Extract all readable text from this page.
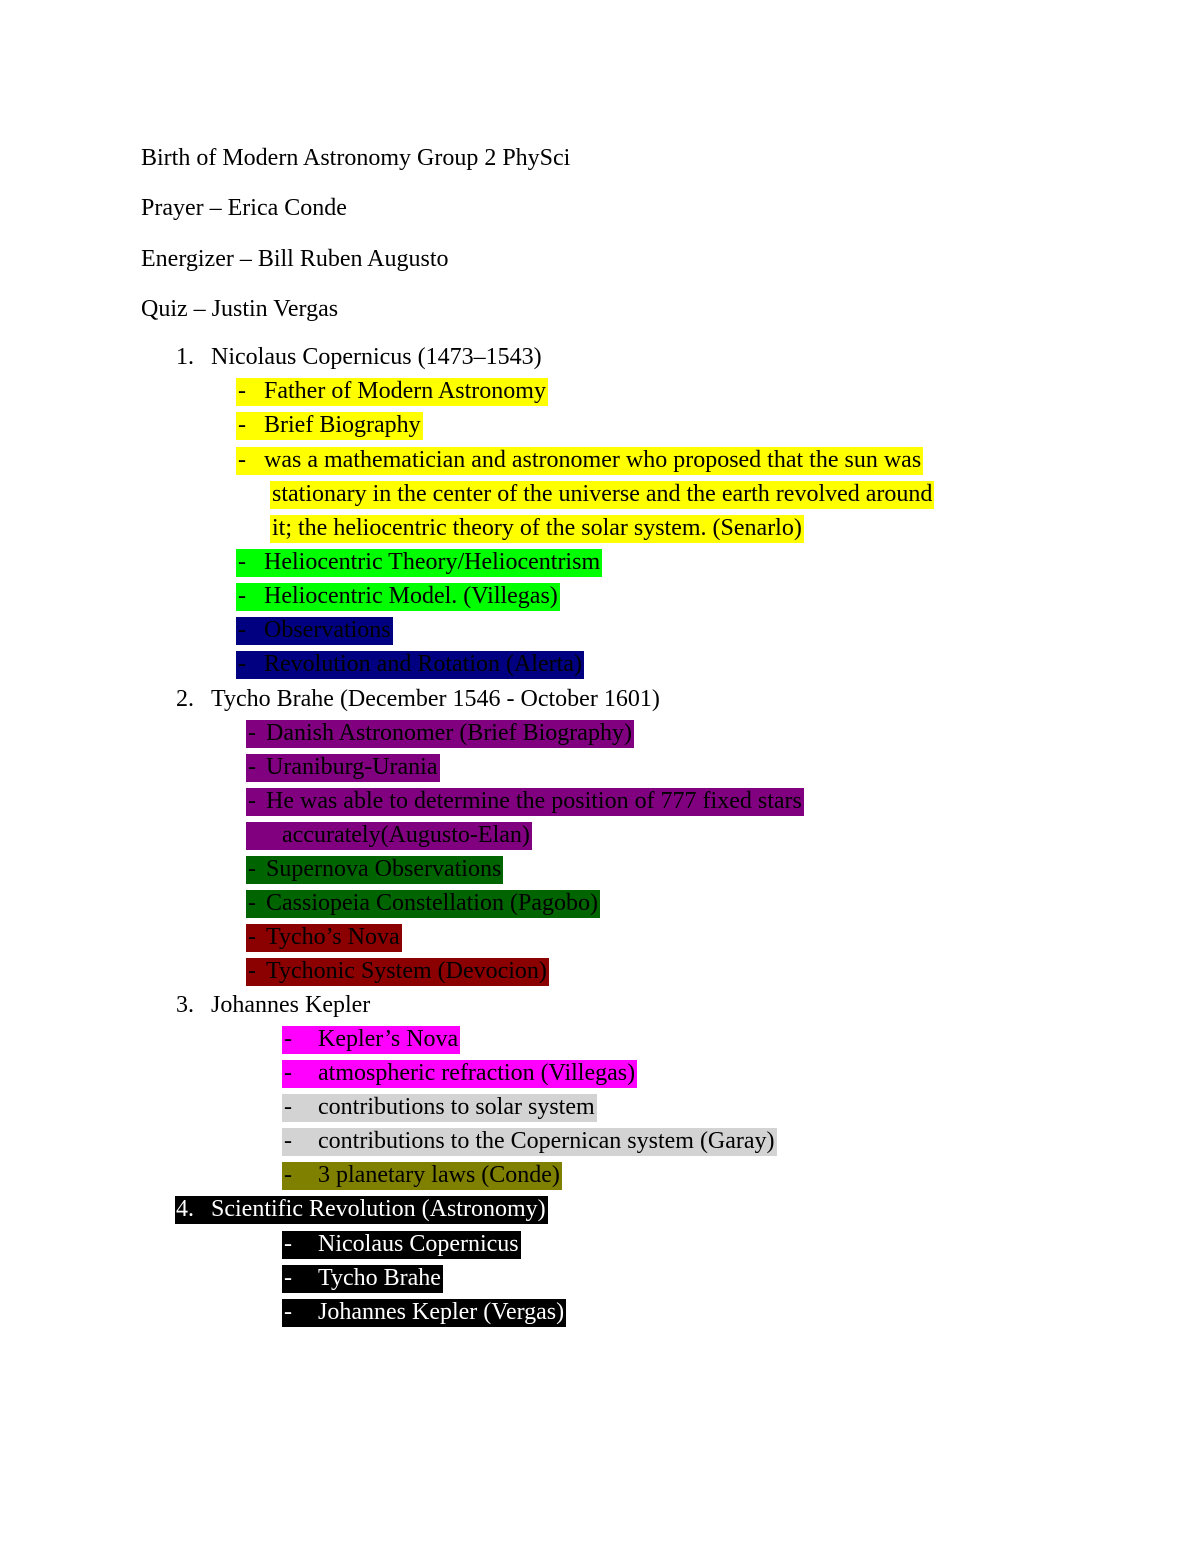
Birth of Modern Astronomy Group 2 PhySci
Prayer – Erica Conde
Energizer – Bill Ruben Augusto
Quiz – Justin Vergas
1. Nicolaus Copernicus (1473–1543)
- Father of Modern Astronomy
- Brief Biography
- was a mathematician and astronomer who proposed that the sun was
stationary in the center of the universe and the earth revolved around
it; the heliocentric theory of the solar system. (Senarlo)
- Heliocentric Theory/Heliocentrism
- Heliocentric Model. (Villegas)
- Observations
- Revolution and Rotation (Alerta)
2. Tycho Brahe (December 1546 - October 1601)
- Danish Astronomer (Brief Biography)
- Uraniburg-Urania
- He was able to determine the position of 777 fixed stars
accurately(Augusto-Elan)
- Supernova Observations
- Cassiopeia Constellation (Pagobo)
- Tycho’s Nova
- Tychonic System (Devocion)
3. Johannes Kepler
- Kepler’s Nova
- atmospheric refraction (Villegas)
- contributions to solar system
- contributions to the Copernican system (Garay)
- 3 planetary laws (Conde)
4. Scientific Revolution (Astronomy)
- Nicolaus Copernicus
- Tycho Brahe
- Johannes Kepler (Vergas)
